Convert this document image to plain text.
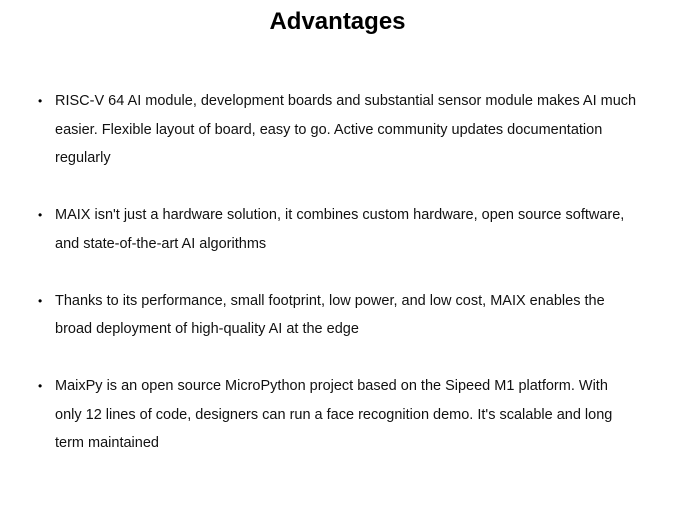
Advantages
• RISC-V 64 AI module, development boards and substantial sensor module makes AI much easier. Flexible layout of board, easy to go. Active community updates documentation regularly
• MAIX isn't just a hardware solution, it combines custom hardware, open source software, and state-of-the-art AI algorithms
• Thanks to its performance, small footprint, low power, and low cost, MAIX enables the broad deployment of high-quality AI at the edge
• MaixPy is an open source MicroPython project based on the Sipeed M1 platform. With only 12 lines of code, designers can run a face recognition demo. It's scalable and long term maintained
